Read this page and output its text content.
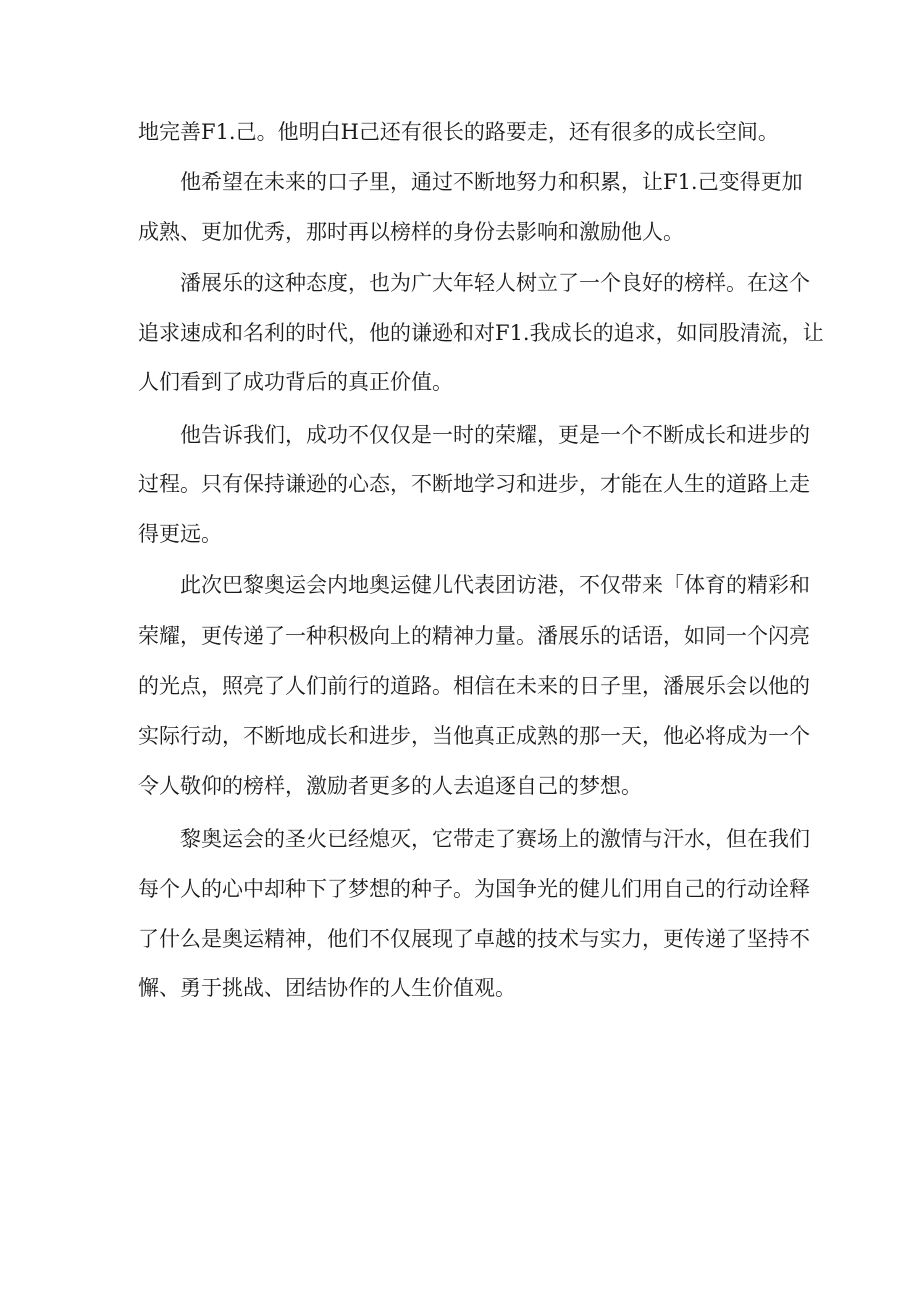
地完善F1.己。他明白H己还有很长的路要走，还有很多的成长空间。
他希望在未来的口子里，通过不断地努力和积累，让F1.己变得更加
成熟、更加优秀，那时再以榜样的身份去影响和激励他人。
潘展乐的这种态度，也为广大年轻人树立了一个良好的榜样。在这个
追求速成和名利的时代，他的谦逊和对F1.我成长的追求，如同股清流，让
人们看到了成功背后的真正价值。
他告诉我们，成功不仅仅是一时的荣耀，更是一个不断成长和进步的
过程。只有保持谦逊的心态，不断地学习和进步，才能在人生的道路上走
得更远。
此次巴黎奥运会内地奥运健儿代表团访港，不仅带来「体育的精彩和
荣耀，更传递了一种积极向上的精神力量。潘展乐的话语，如同一个闪亮
的光点，照亮了人们前行的道路。相信在未来的日子里，潘展乐会以他的
实际行动，不断地成长和进步，当他真正成熟的那一天，他必将成为一个
令人敬仰的榜样，激励者更多的人去追逐自己的梦想。
黎奥运会的圣火已经熄灭，它带走了赛场上的激情与汗水，但在我们
每个人的心中却种下了梦想的种子。为国争光的健儿们用自己的行动诠释
了什么是奥运精神，他们不仅展现了卓越的技术与实力，更传递了坚持不
懈、勇于挑战、团结协作的人生价值观。
